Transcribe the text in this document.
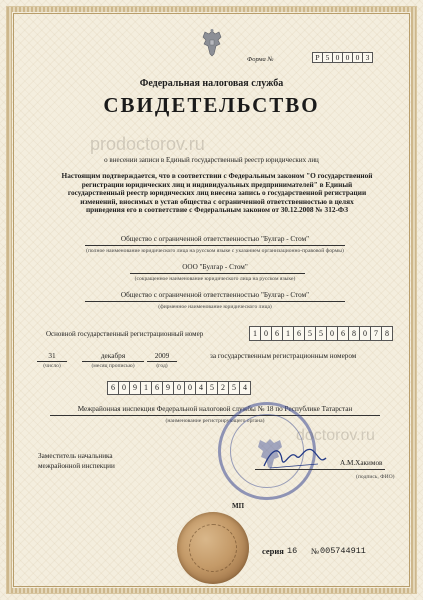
Форма №	Р 5 0 0 0 3
Федеральная налоговая служба
СВИДЕТЕЛЬСТВО
prodoctorov.ru
о внесении записи в Единый государственный реестр юридических лиц
Настоящим подтверждается, что в соответствии с Федеральным законом "О государственной регистрации юридических лиц и индивидуальных предпринимателей" в Единый государственный реестр юридических лиц внесена запись о государственной регистрации изменений, вносимых в устав общества с ограниченной ответственностью в целях приведения его в соответствие с Федеральным законом от 30.12.2008 № 312-ФЗ
Общество с ограниченной ответственностью "Булгар - Стом"
(полное наименование юридического лица на русском языке с указанием организационно-правовой формы)
ООО "Булгар - Стом"
(сокращенное наименование юридического лица на русском языке)
Общество с ограниченной ответственностью "Булгар - Стом"
(фирменное наименование юридического лица)
Основной государственный регистрационный номер	1 0 6 1 6 5 5 0 6 8 0 7 8
31
(число)
декабря
(месяц прописью)
2009
(год)
за государственным регистрационным номером
6 0 9 1 6 9 0 0 4 5 2 5 4
Межрайонная инспекция Федеральной налоговой службы № 18 по Республике Татарстан
(наименование регистрирующего органа)
doctorov.ru
Заместитель начальника
межрайонной инспекции	А.М.Хакимов
(подпись, ФИО)
МП
серия 16 № 005744911
